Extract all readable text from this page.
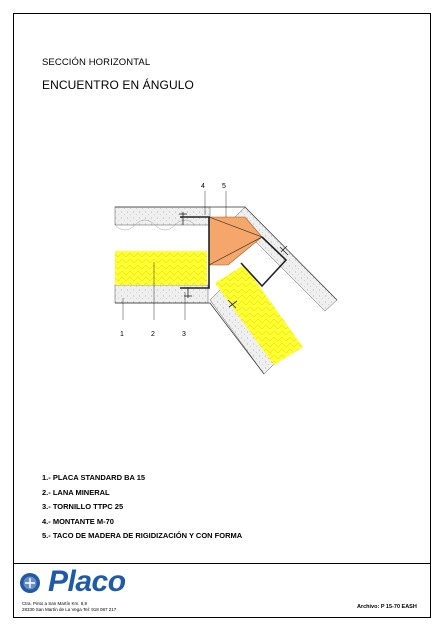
SECCIÓN HORIZONTAL
ENCUENTRO EN ÁNGULO
4 5
1	2	3
1.- PLACA STANDARD BA 15
2.- LANA MINERAL
3.- TORNILLO TTPC 25
4.- MONTANTE M-70
5.- TACO DE MADERA DE RIGIDIZACIÓN Y CON FORMA
Placo
Ctra. Pinto a San Martín Km. 8,9
28330 San Martín de La Vega Tel: 918 087 217	Archivo: P 15-70 EASH
